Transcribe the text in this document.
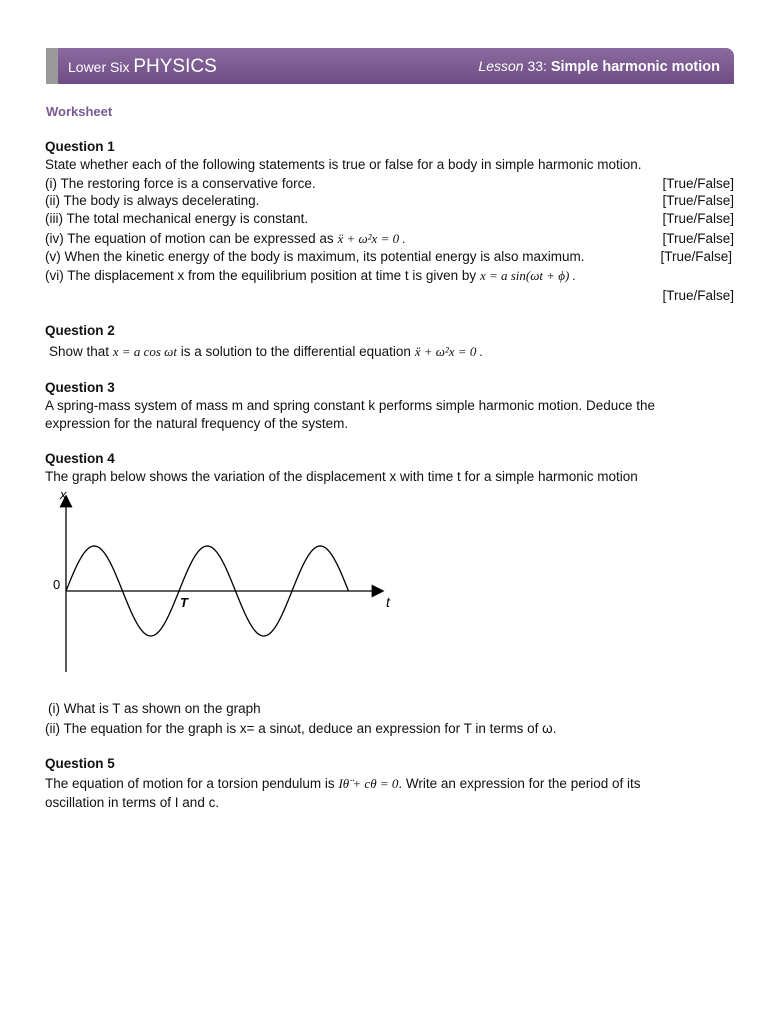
Lower Six PHYSICS	Lesson 33: Simple harmonic motion
Worksheet
Question 1
State whether each of the following statements is true or false for a body in simple harmonic motion.
(i) The restoring force is a conservative force.	[True/False]
(ii) The body is always decelerating.	[True/False]
(iii) The total mechanical energy is constant.	[True/False]
(iv) The equation of motion can be expressed as ẍ + ω²x = 0 .	[True/False]
(v) When the kinetic energy of the body is maximum, its potential energy is also maximum.	[True/False]
(vi) The displacement x from the equilibrium position at time t is given by x = a sin(ωt + ϕ) .
[True/False]
Question 2
Show that x = a cos ωt is a solution to the differential equation ẍ + ω²x = 0 .
Question 3
A spring-mass system of mass m and spring constant k performs simple harmonic motion. Deduce the
expression for the natural frequency of the system.
Question 4
The graph below shows the variation of the displacement x with time t for a simple harmonic motion
x
t
0
T
(i) What is T as shown on the graph
(ii) The equation for the graph is x= a sinωt, deduce an expression for T in terms of ω.
Question 5
The equation of motion for a torsion pendulum is Iθ̈ + cθ = 0. Write an expression for the period of its
oscillation in terms of I and c.
